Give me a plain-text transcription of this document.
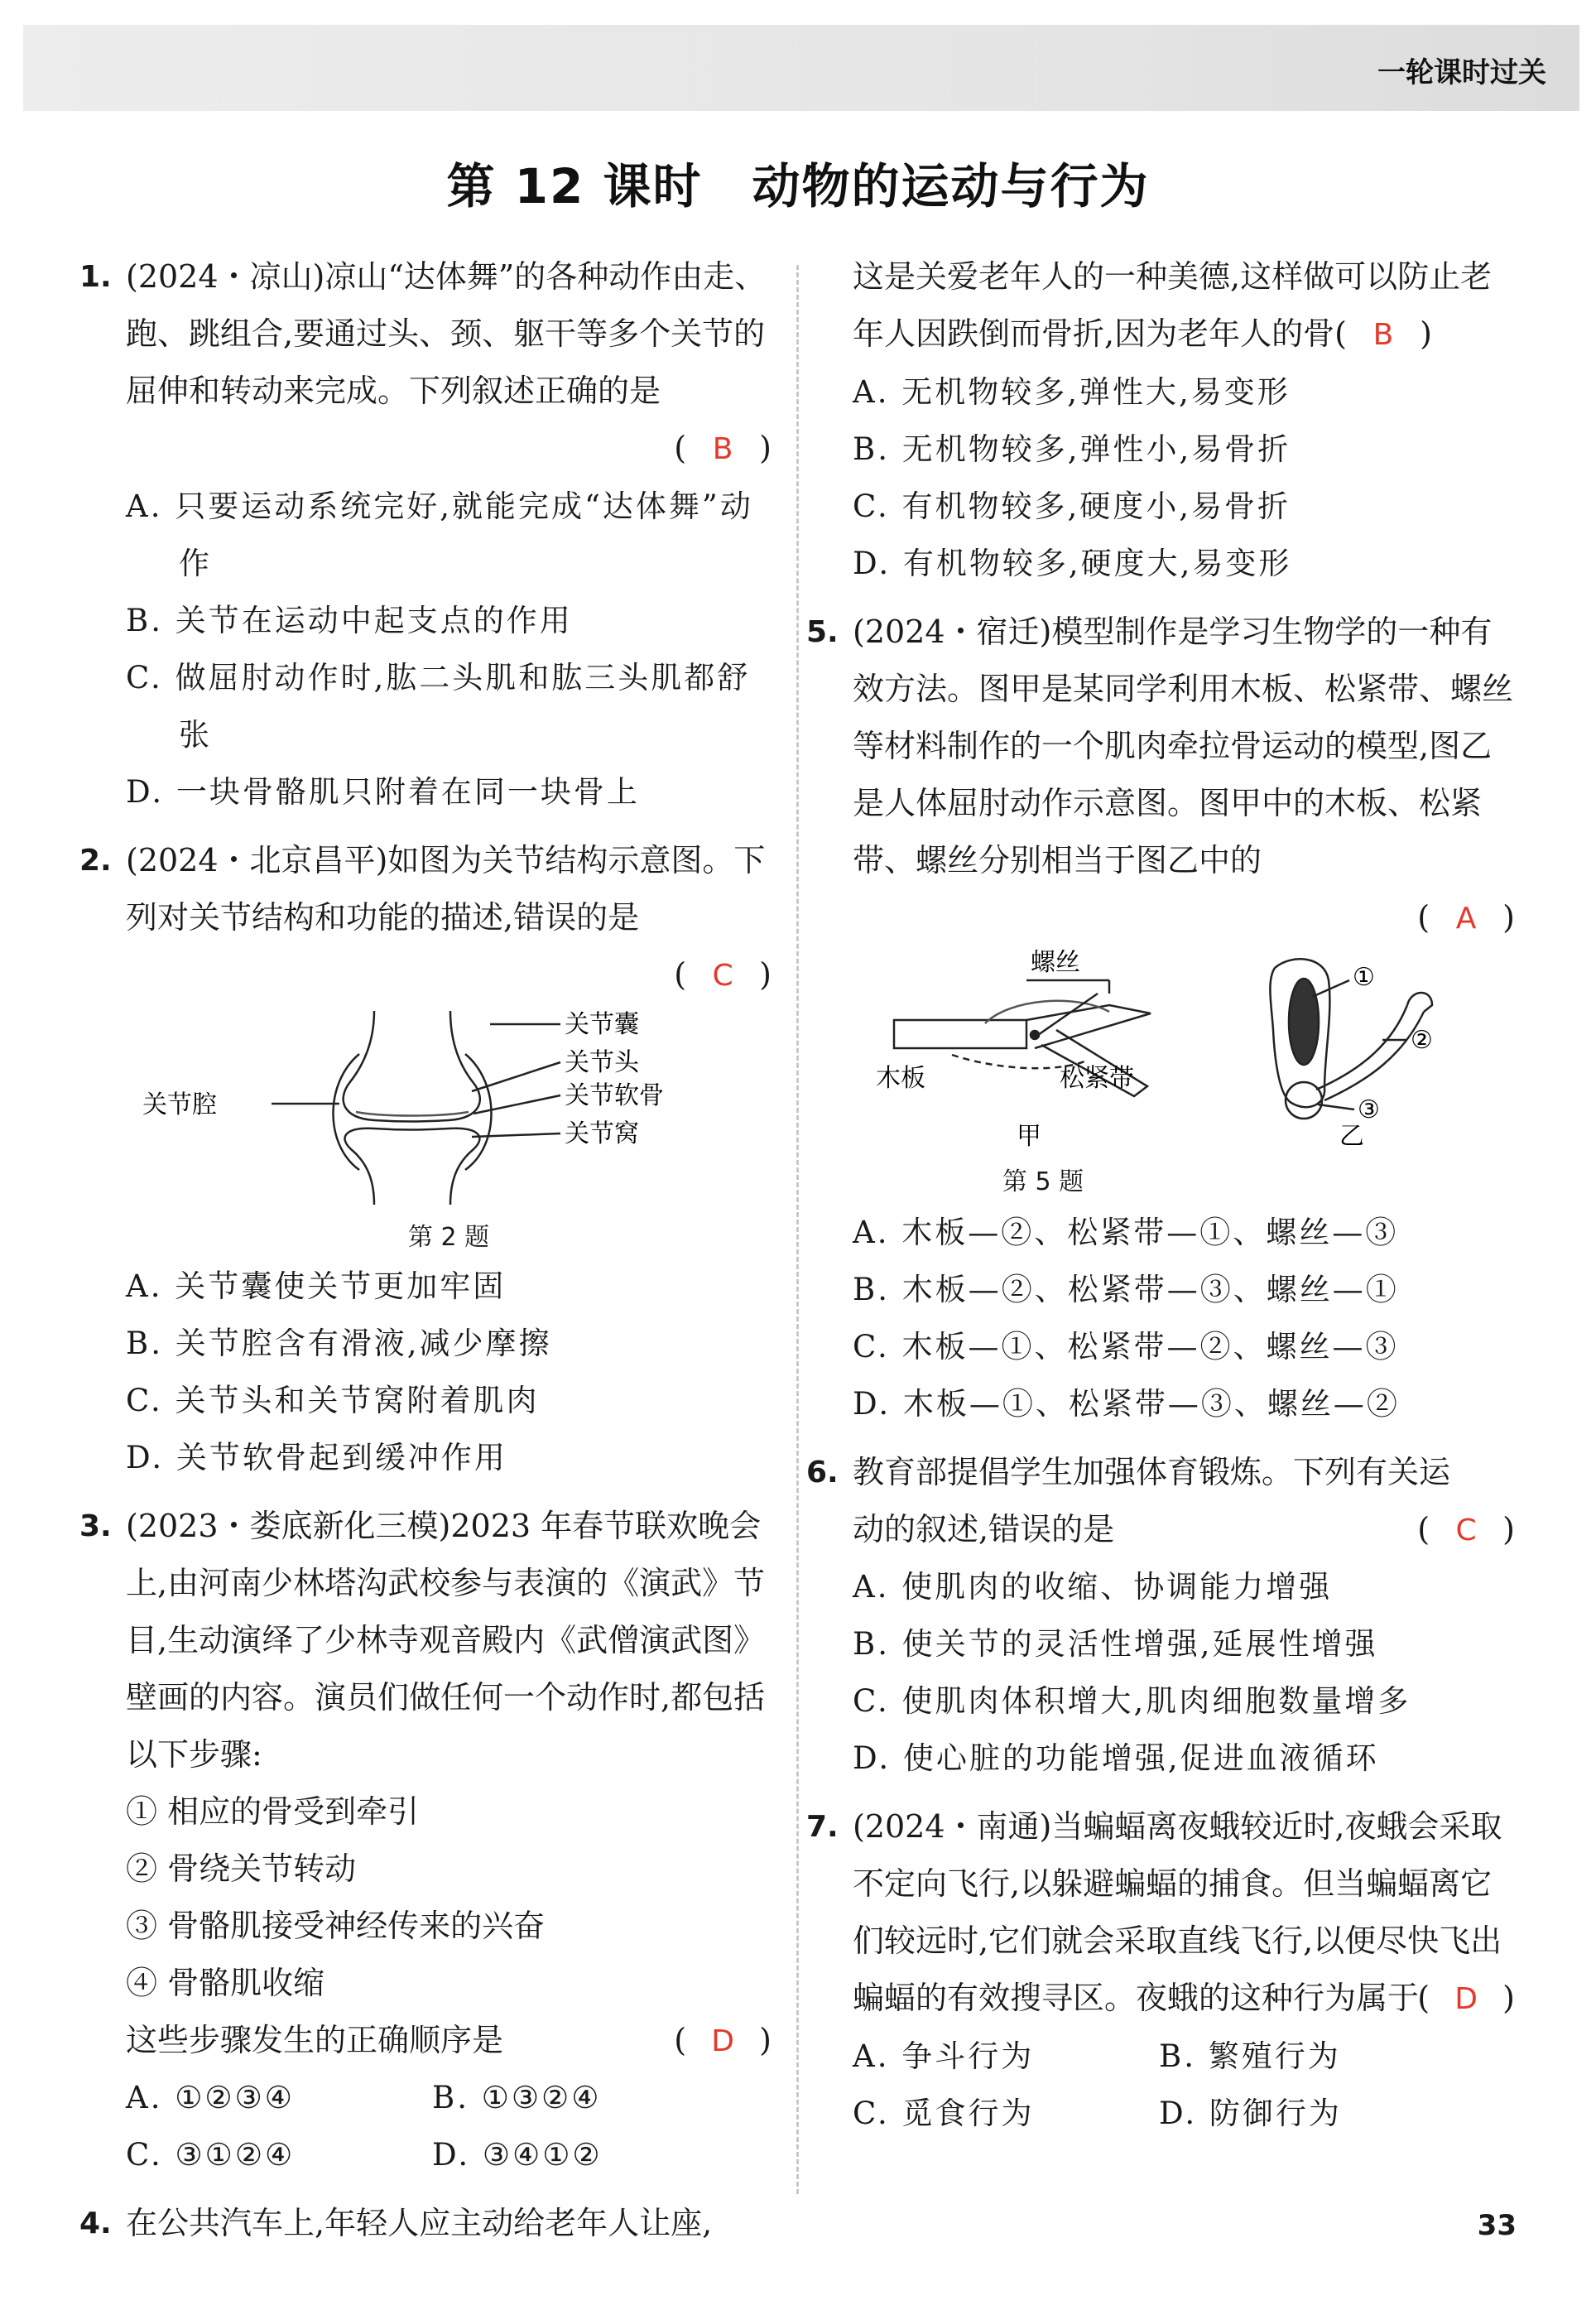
一轮课时过关
第 12 课时　动物的运动与行为
1. (2024・凉山)凉山“达体舞”的各种动作由走、跑、跳组合,要通过头、颈、躯干等多个关节的屈伸和转动来完成。下列叙述正确的是
( B )
A. 只要运动系统完好,就能完成“达体舞”动作
B. 关节在运动中起支点的作用
C. 做屈肘动作时,肱二头肌和肱三头肌都舒张
D. 一块骨骼肌只附着在同一块骨上
2. (2024・北京昌平)如图为关节结构示意图。下列对关节结构和功能的描述,错误的是
( C )
关节腔
关节囊
关节头
关节软骨
关节窝
第 2 题
A. 关节囊使关节更加牢固
B. 关节腔含有滑液,减少摩擦
C. 关节头和关节窝附着肌肉
D. 关节软骨起到缓冲作用
3. (2023・娄底新化三模)2023 年春节联欢晚会上,由河南少林塔沟武校参与表演的《演武》节目,生动演绎了少林寺观音殿内《武僧演武图》壁画的内容。演员们做任何一个动作时,都包括以下步骤:
① 相应的骨受到牵引
② 骨绕关节转动
③ 骨骼肌接受神经传来的兴奋
④ 骨骼肌收缩
这些步骤发生的正确顺序是	( D )
A. ①②③④	B. ①③②④
C. ③①②④	D. ③④①②
4. 在公共汽车上,年轻人应主动给老年人让座,
这是关爱老年人的一种美德,这样做可以防止老年人因跌倒而骨折,因为老年人的骨( B )
A. 无机物较多,弹性大,易变形
B. 无机物较多,弹性小,易骨折
C. 有机物较多,硬度小,易骨折
D. 有机物较多,硬度大,易变形
5. (2024・宿迁)模型制作是学习生物学的一种有效方法。图甲是某同学利用木板、松紧带、螺丝等材料制作的一个肌肉牵拉骨运动的模型,图乙是人体屈肘动作示意图。图甲中的木板、松紧带、螺丝分别相当于图乙中的
( A )
螺丝
木板	松紧带
甲
①
②
③
乙
第 5 题
A. 木板—②、松紧带—①、螺丝—③
B. 木板—②、松紧带—③、螺丝—①
C. 木板—①、松紧带—②、螺丝—③
D. 木板—①、松紧带—③、螺丝—②
6. 教育部提倡学生加强体育锻炼。下列有关运
动的叙述,错误的是	( C )
A. 使肌肉的收缩、协调能力增强
B. 使关节的灵活性增强,延展性增强
C. 使肌肉体积增大,肌肉细胞数量增多
D. 使心脏的功能增强,促进血液循环
7. (2024・南通)当蝙蝠离夜蛾较近时,夜蛾会采取不定向飞行,以躲避蝙蝠的捕食。但当蝙蝠离它们较远时,它们就会采取直线飞行,以便尽快飞出蝙蝠的有效搜寻区。夜蛾的这种行为属于
( D )
A. 争斗行为	B. 繁殖行为
C. 觅食行为	D. 防御行为
33
